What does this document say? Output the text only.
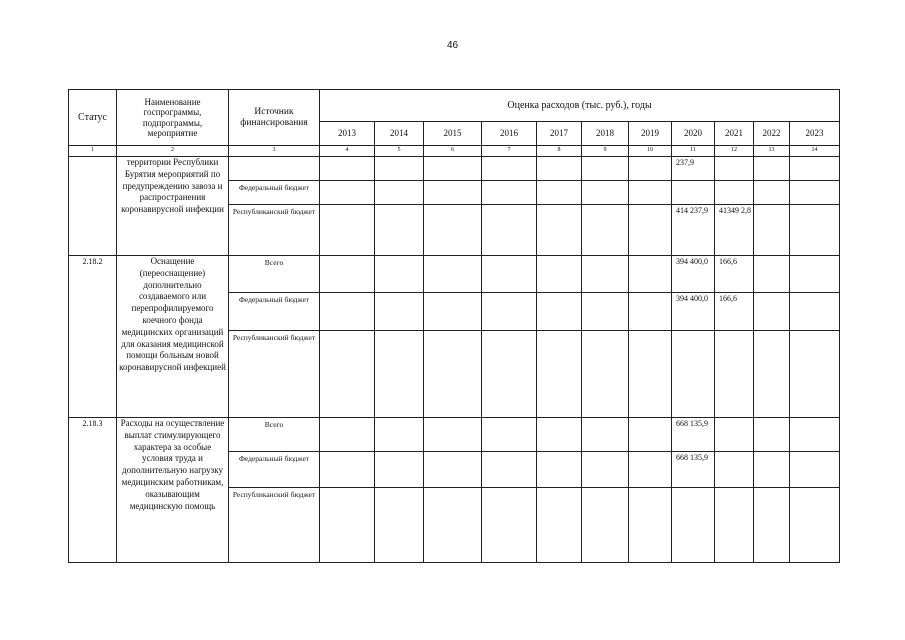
46
Статус	Наименование госпрограммы, подпрограммы, мероприятие	Источник финансирования	Оценка расходов (тыс. руб.), годы										
			2013	2014	2015	2016	2017	2018	2019	2020	2021	2022	2023
1	2	3	4	5	6	7	8	9	10	11	12	13	14
	территории Республики Бурятия мероприятий по предупреждению завоза и распространения коронавирусной инфекции									237,9			
		Федеральный бюджет											
		Республиканский бюджет								414 237,9	41349 2,8		
2.18.2	Оснащение (переоснащение) дополнительно создаваемого или перепрофилируемого коечного фонда медицинских организаций для оказания медицинской помощи больным новой коронавирусной инфекцией	Всего								394 400,0	166,6		
		Федеральный бюджет								394 400,0	166,6		
		Республиканский бюджет											
2.18.3	Расходы на осуществление выплат стимулирующего характера за особые условия труда и дополнительную нагрузку медицинским работникам, оказывающим медицинскую помощь	Всего								668 135,9			
		Федеральный бюджет								668 135,9			
		Республиканский бюджет											
